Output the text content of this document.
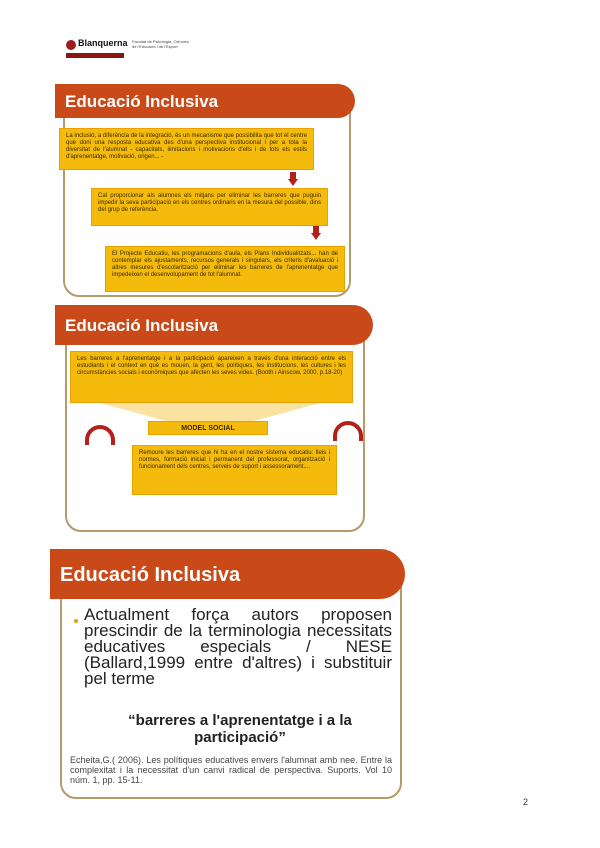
Blanquerna Facultat de Psicologia, Ciències de l'Educació i de l'Esport
Educació Inclusiva
La inclusió, a diferència de la integració, és un mecanisme que possibilita que tot el centre que doni una resposta educativa des d'una perspectiva institucional i per a tota la diversitat de l'alumnat - capacitats, limitacions i motivacions d'ells i de tots els estils d'aprenentatge, motivació, origen... -
Cal proporcionar als alumnes els mitjans per eliminar les barreres que puguin impedir la seva participació en els centres ordinaris en la mesura del possible, dins del grup de referència.
El Projecte Educatiu, les programacions d'aula, els Plans Individualitzats... han de contemplar els ajustaments, recursos generals i singulars, els criteris d'avaluació i altres mesures d'escolarització per eliminar les barreres de l'aprenentatge que impedeixen el desenvolupament de tot l'alumnat.
Educació Inclusiva
Les barreres a l'aprenentatge i a la participació apareixen a través d'una interacció entre els estudiants i el context en què es mouen, la gent, les polítiques, les institucions, les cultures i les circumstàncies socials i econòmiques que afecten les seves vides. (Booth i Ainscow, 2000, p.18-20)
MODEL SOCIAL
Remoure les barreres que hi ha en el nostre sistema educatiu: lleis i normes, formació inicial i permanent del professorat, organització i funcionament dels centres, serveis de suport i assessorament....
Educació Inclusiva
Actualment força autors proposen prescindir de la terminologia necessitats educatives especials / NESE (Ballard,1999 entre d'altres) i substituir pel terme
“barreres a l'aprenentatge i a la participació”
Echeita,G.( 2006). Les polítiques educatives envers l'alumnat amb nee. Entre la complexitat i la necessitat d'un canvi radical de perspectiva. Suports. Vol 10 núm. 1, pp. 15-11.
2
